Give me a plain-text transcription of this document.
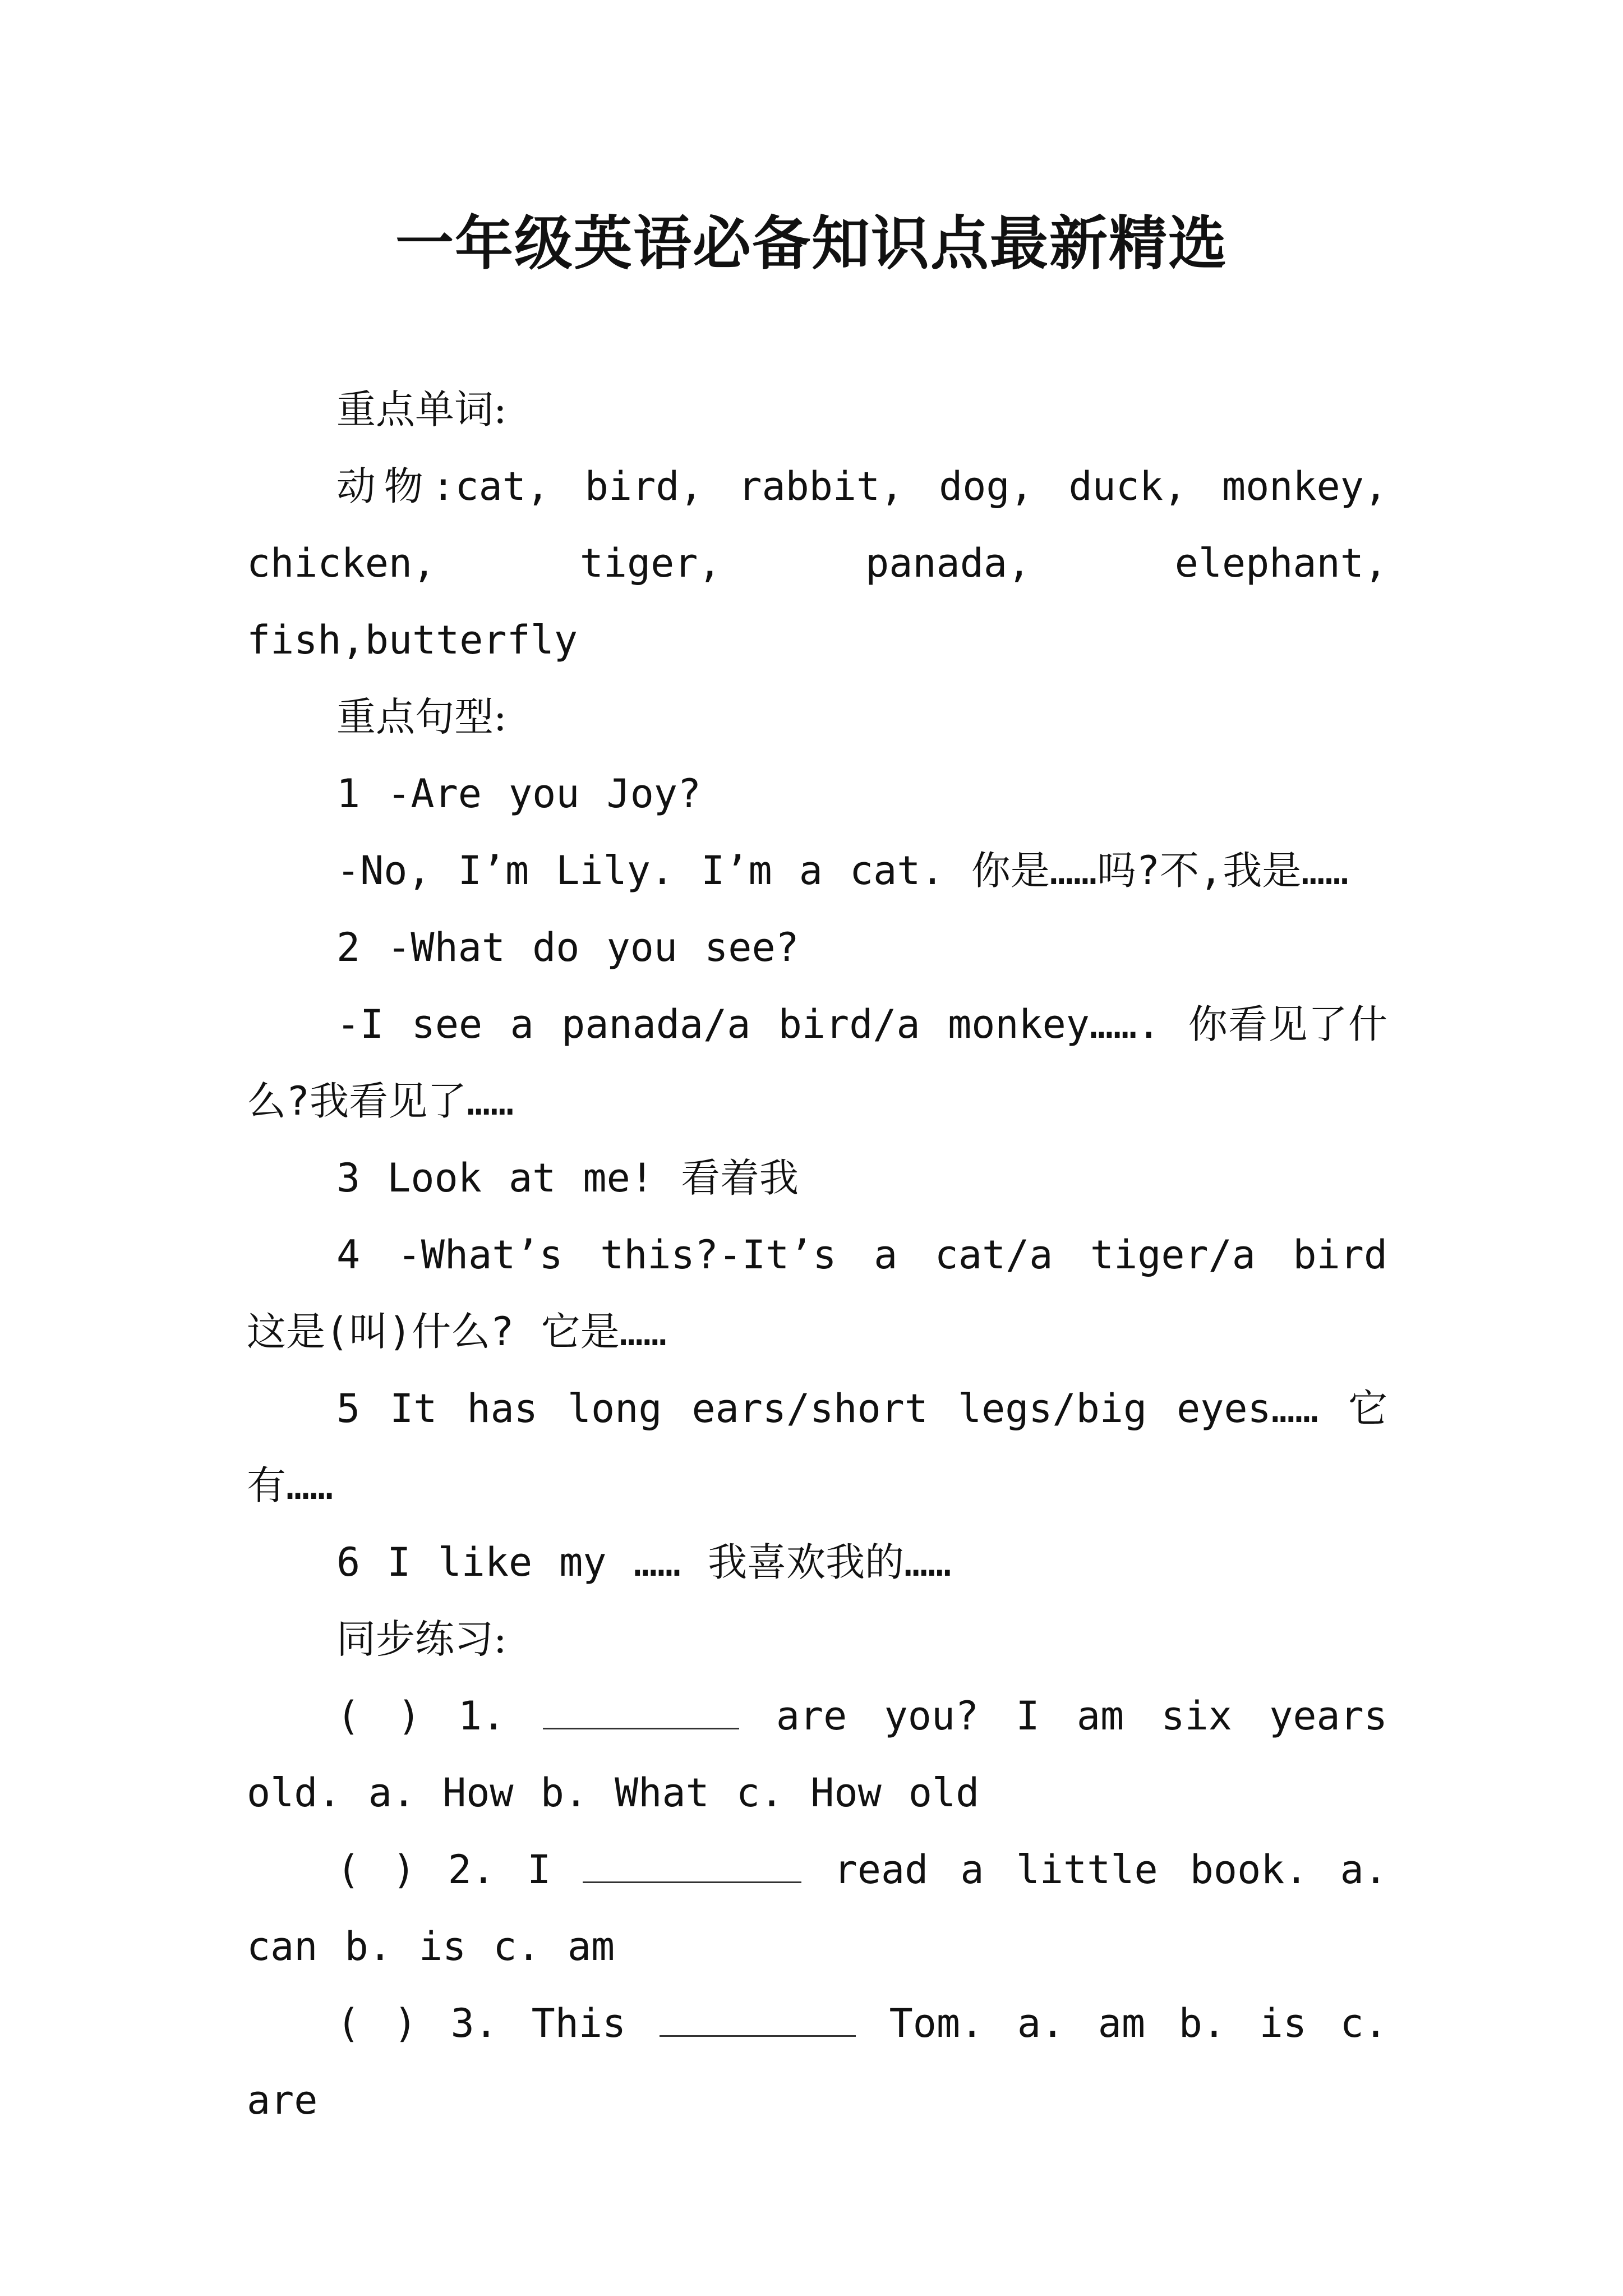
一年级英语必备知识点最新精选

重点单词:

动物:cat, bird, rabbit, dog, duck, monkey, chicken, tiger, panada, elephant, fish,butterfly

重点句型:

1 -Are you Joy?

-No, I’m Lily. I’m a cat. 你是……吗?不,我是……

2 -What do you see?

-I see a panada/a bird/a monkey……. 你看见了什么?我看见了……

3 Look at me! 看着我

4 -What’s this?-It’s a cat/a tiger/a bird 这是(叫)什么? 它是……

5 It has long ears/short legs/big eyes…… 它有……

6 I like my …… 我喜欢我的……

同步练习:

( ) 1.	are you? I am six years old. a. How b. What c. How old

( ) 2. I	read a little book. a. can b. is c. am

( ) 3. This	Tom. a. am b. is c. are
